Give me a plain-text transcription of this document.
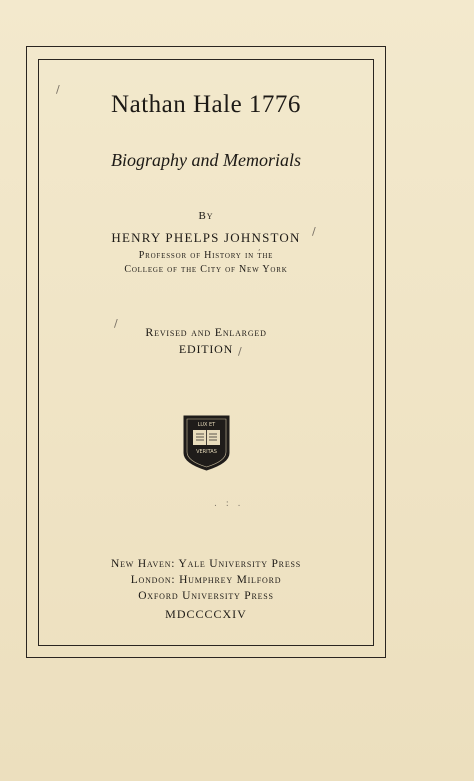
/
/
,
/
/
. : .
Nathan Hale 1776
Biography and Memorials
By
HENRY PHELPS JOHNSTON
Professor of History in the
College of the City of New York
Revised and Enlarged
EDITION
LUX ET
VERITAS
New Haven: Yale University Press
London: Humphrey Milford
Oxford University Press
MDCCCCXIV
